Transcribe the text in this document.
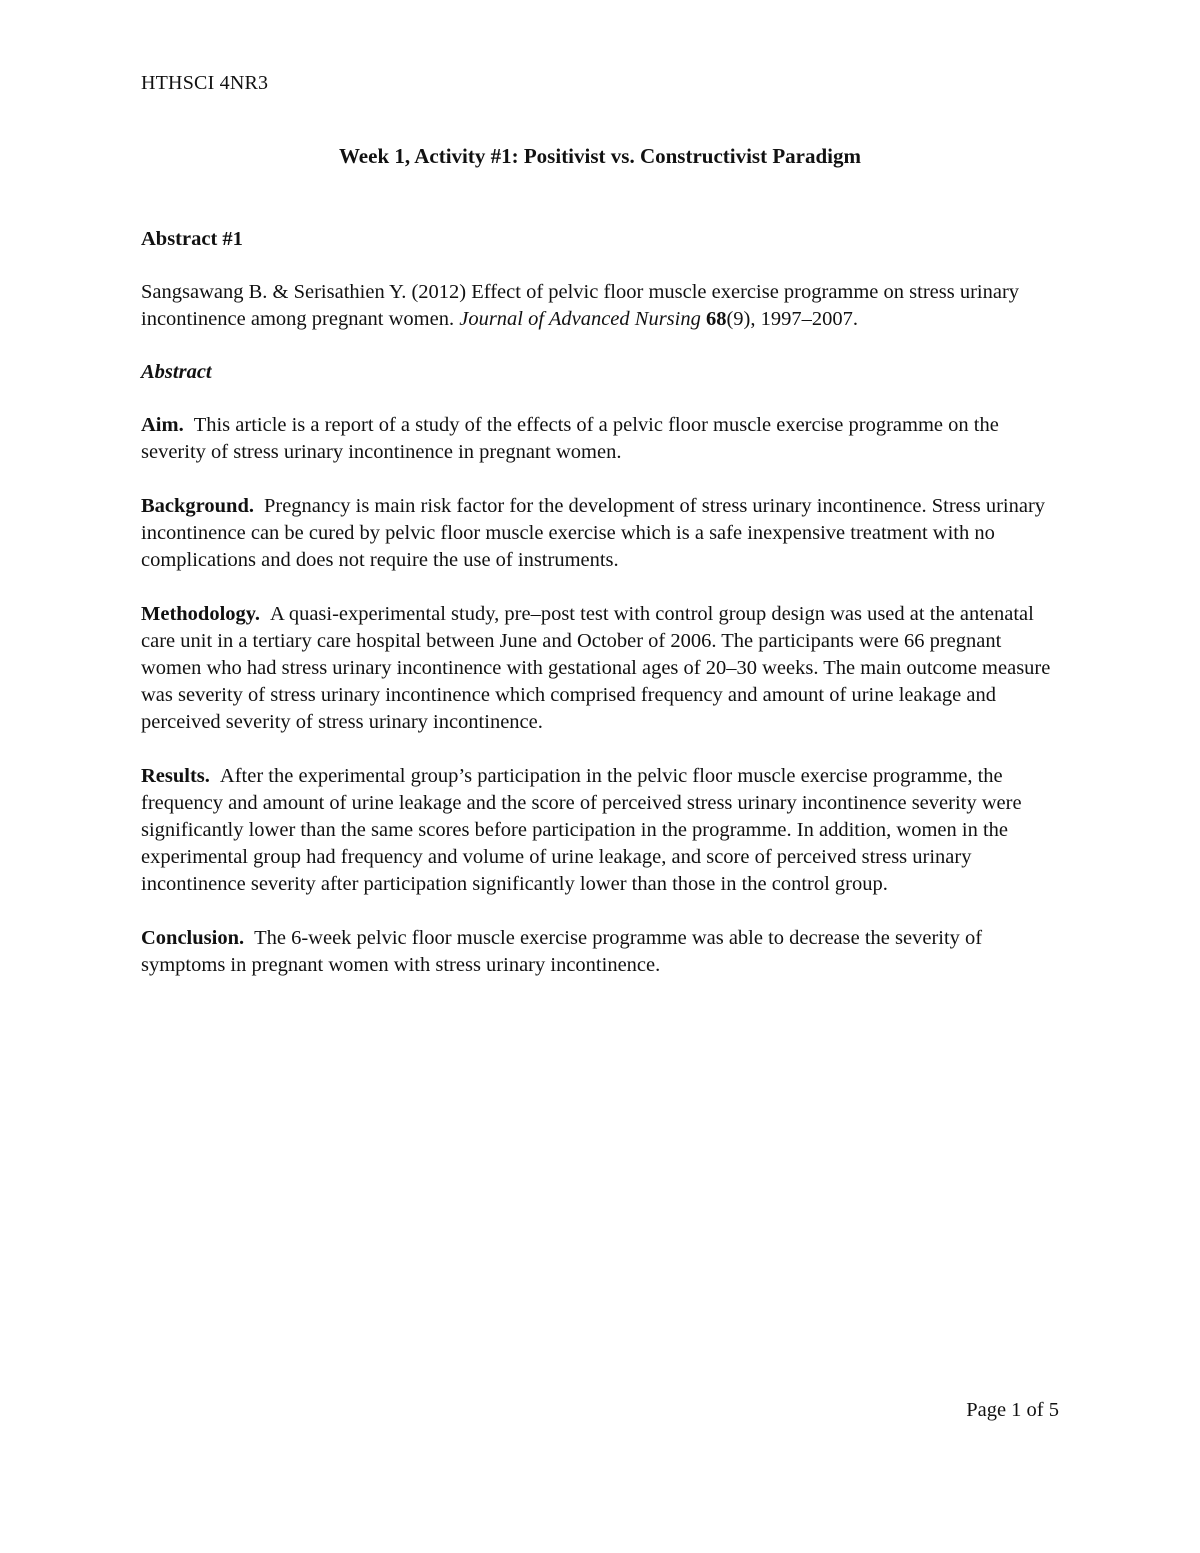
HTHSCI 4NR3
Week 1, Activity #1: Positivist vs. Constructivist Paradigm
Abstract #1
Sangsawang B. & Serisathien Y. (2012) Effect of pelvic floor muscle exercise programme on stress urinary incontinence among pregnant women. Journal of Advanced Nursing 68(9), 1997–2007.
Abstract
Aim. This article is a report of a study of the effects of a pelvic floor muscle exercise programme on the severity of stress urinary incontinence in pregnant women.
Background. Pregnancy is main risk factor for the development of stress urinary incontinence. Stress urinary incontinence can be cured by pelvic floor muscle exercise which is a safe inexpensive treatment with no complications and does not require the use of instruments.
Methodology. A quasi-experimental study, pre–post test with control group design was used at the antenatal care unit in a tertiary care hospital between June and October of 2006. The participants were 66 pregnant women who had stress urinary incontinence with gestational ages of 20–30 weeks. The main outcome measure was severity of stress urinary incontinence which comprised frequency and amount of urine leakage and perceived severity of stress urinary incontinence.
Results. After the experimental group’s participation in the pelvic floor muscle exercise programme, the frequency and amount of urine leakage and the score of perceived stress urinary incontinence severity were significantly lower than the same scores before participation in the programme. In addition, women in the experimental group had frequency and volume of urine leakage, and score of perceived stress urinary incontinence severity after participation significantly lower than those in the control group.
Conclusion. The 6-week pelvic floor muscle exercise programme was able to decrease the severity of symptoms in pregnant women with stress urinary incontinence.
Page 1 of 5
